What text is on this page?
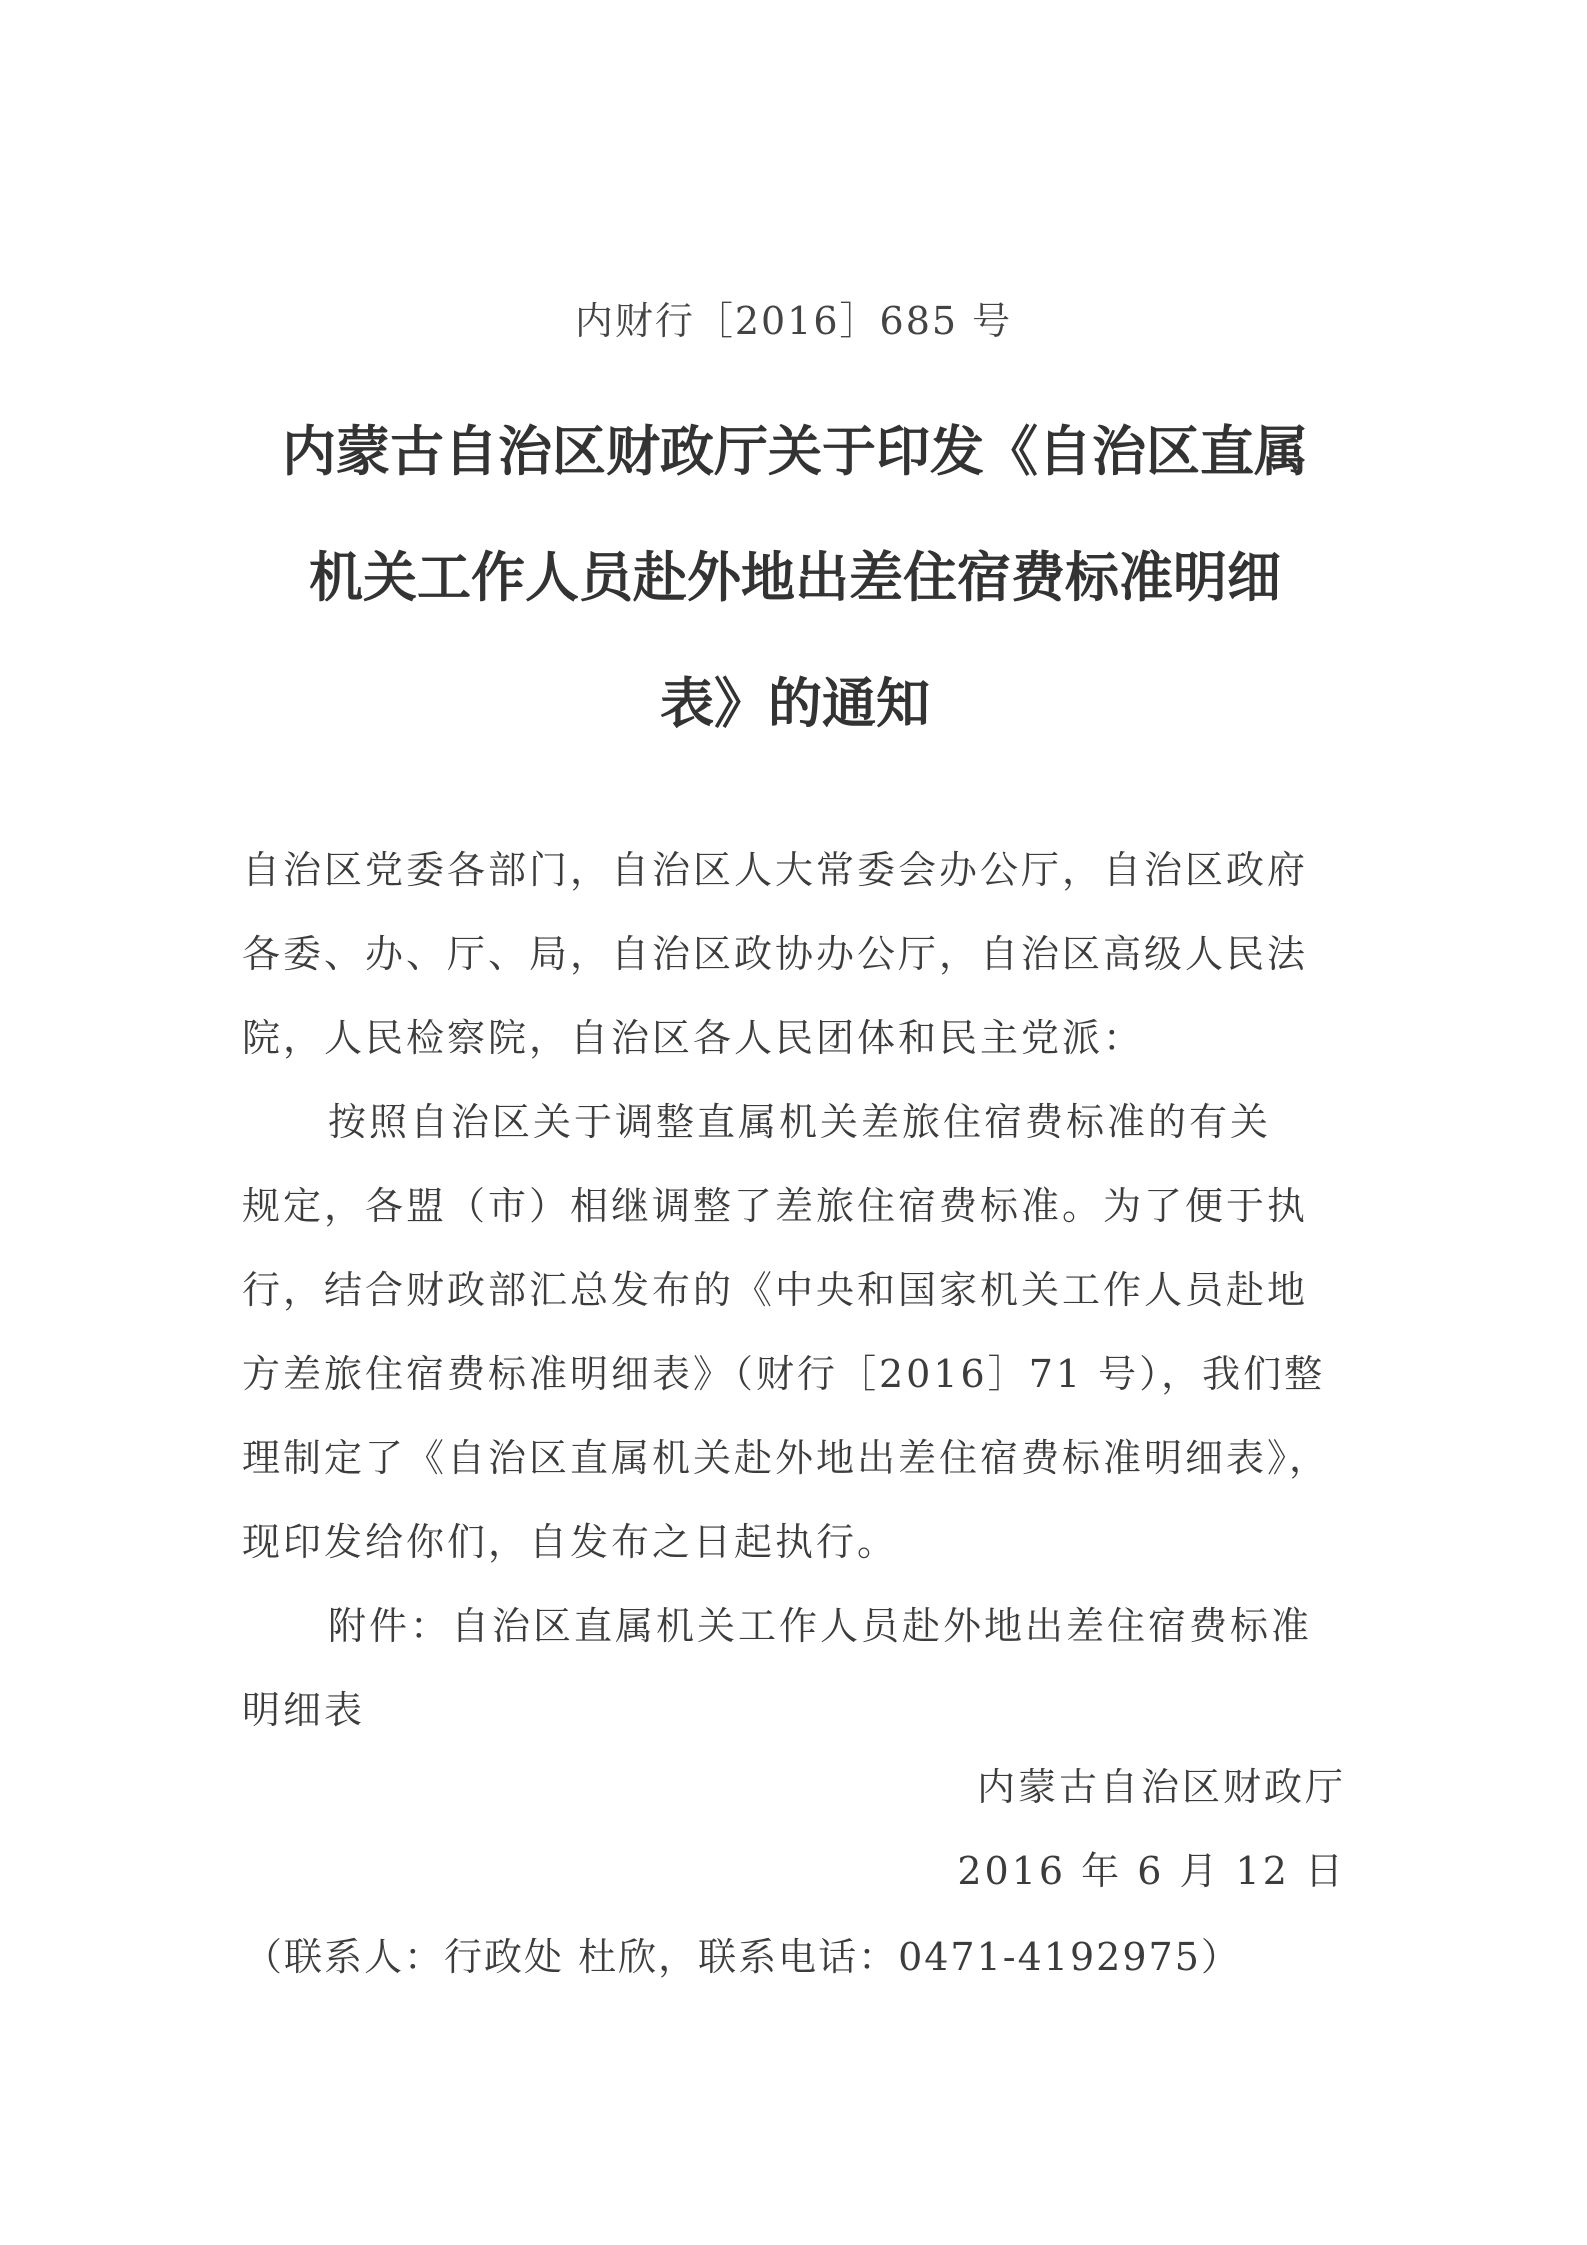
内财行［2016］685 号
内蒙古自治区财政厅关于印发《自治区直属
机关工作人员赴外地出差住宿费标准明细
表》的通知

自治区党委各部门，自治区人大常委会办公厅，自治区政府
各委、办、厅、局，自治区政协办公厅，自治区高级人民法
院，人民检察院，自治区各人民团体和民主党派：

按照自治区关于调整直属机关差旅住宿费标准的有关
规定，各盟（市）相继调整了差旅住宿费标准。为了便于执
行，结合财政部汇总发布的《中央和国家机关工作人员赴地
方差旅住宿费标准明细表》（财行［2016］71 号），我们整
理制定了《自治区直属机关赴外地出差住宿费标准明细表》，
现印发给你们，自发布之日起执行。

附件：自治区直属机关工作人员赴外地出差住宿费标准
明细表

内蒙古自治区财政厅
2016 年 6 月 12 日
（联系人：行政处 杜欣，联系电话：0471-4192975）
